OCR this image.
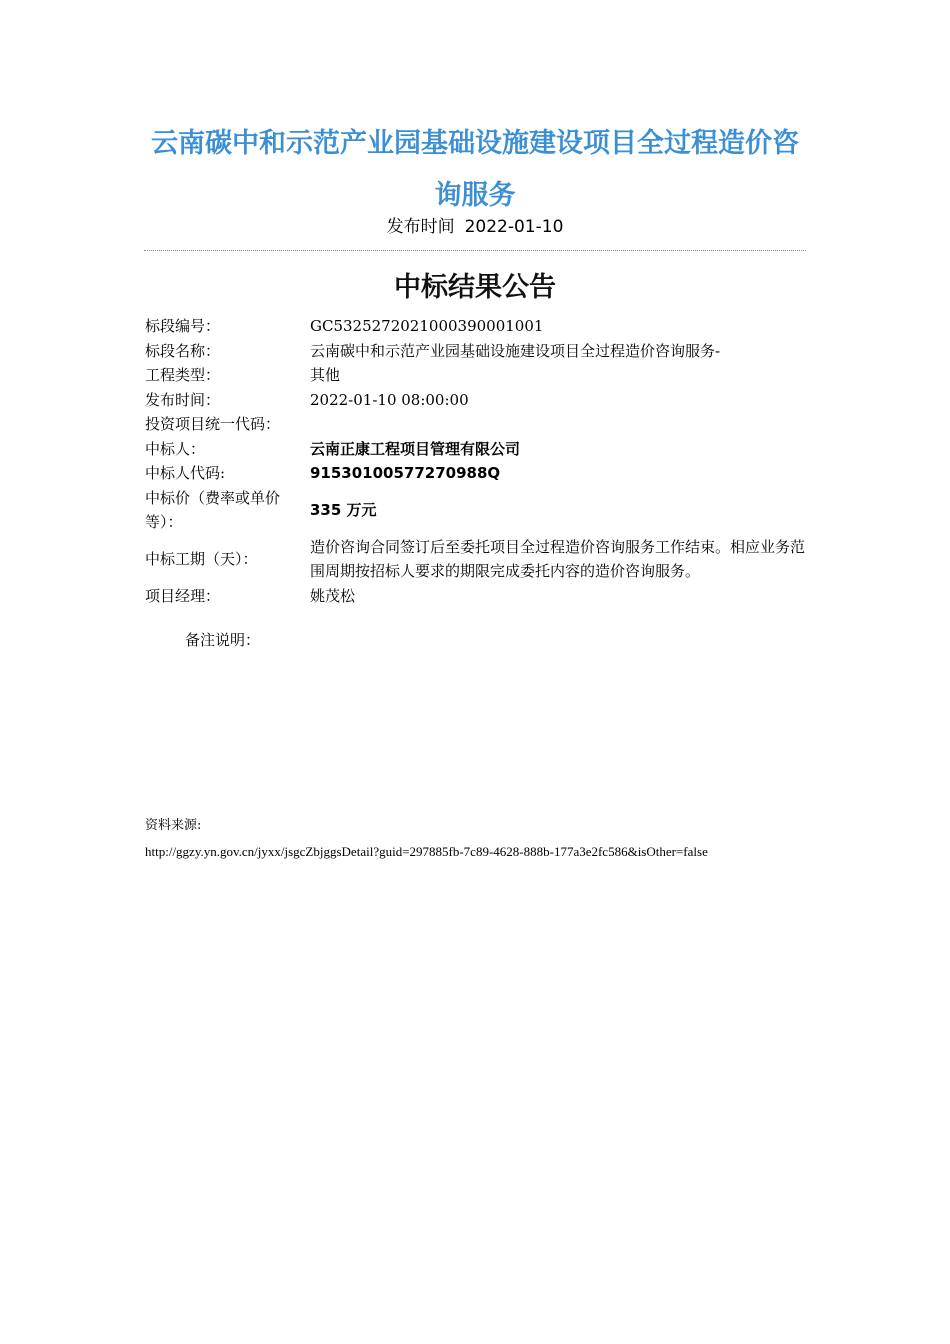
云南碳中和示范产业园基础设施建设项目全过程造价咨询服务
发布时间 2022-01-10
中标结果公告
标段编号：	GC5325272021000390001001
标段名称：	云南碳中和示范产业园基础设施建设项目全过程造价咨询服务-
工程类型：	其他
发布时间：	2022-01-10 08:00:00
投资项目统一代码：	
中标人：	云南正康工程项目管理有限公司
中标人代码:	91530100577270988Q
中标价（费率或单价等）：	335 万元
中标工期（天）：	造价咨询合同签订后至委托项目全过程造价咨询服务工作结束。相应业务范围周期按招标人要求的期限完成委托内容的造价咨询服务。
项目经理：	姚茂松
备注说明：
资料来源:
http://ggzy.yn.gov.cn/jyxx/jsgcZbjggsDetail?guid=297885fb-7c89-4628-888b-177a3e2fc586&isOther=false
